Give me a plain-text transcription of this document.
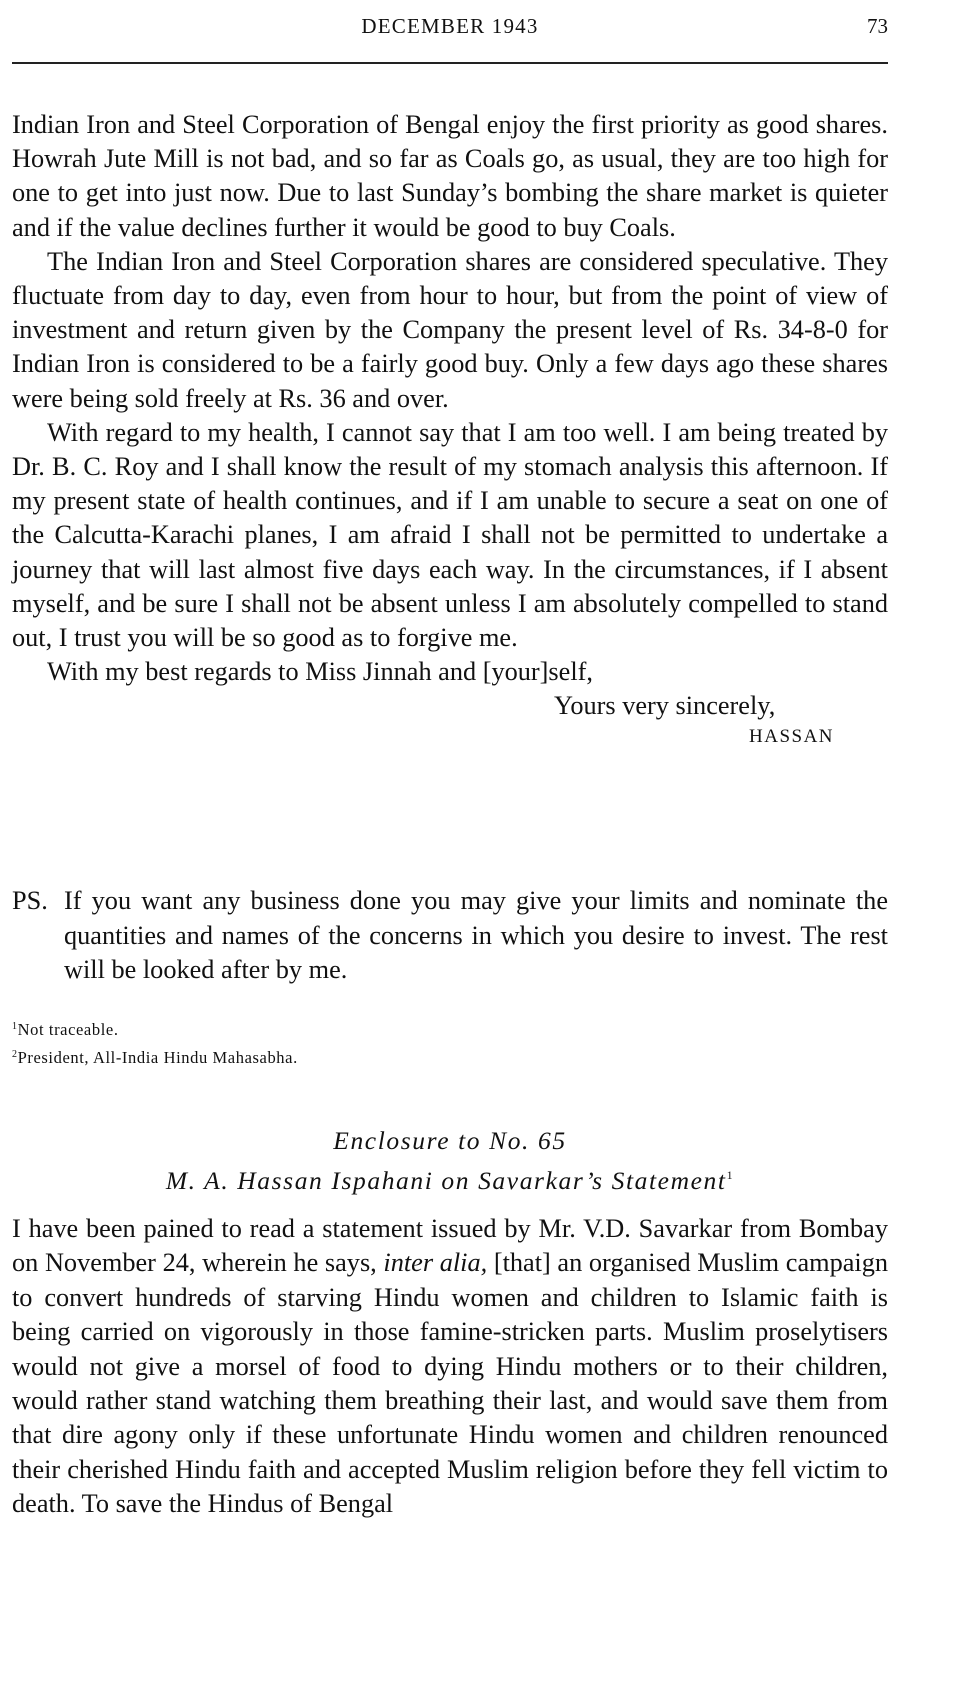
DECEMBER 1943	73

Indian Iron and Steel Corporation of Bengal enjoy the first priority as good shares. Howrah Jute Mill is not bad, and so far as Coals go, as usual, they are too high for one to get into just now. Due to last Sunday’s bombing the share market is quieter and if the value declines further it would be good to buy Coals.

The Indian Iron and Steel Corporation shares are considered speculative. They fluctuate from day to day, even from hour to hour, but from the point of view of investment and return given by the Company the present level of Rs. 34-8-0 for Indian Iron is considered to be a fairly good buy. Only a few days ago these shares were being sold freely at Rs. 36 and over.

With regard to my health, I cannot say that I am too well. I am being treated by Dr. B. C. Roy and I shall know the result of my stomach analysis this afternoon. If my present state of health continues, and if I am unable to secure a seat on one of the Calcutta-Karachi planes, I am afraid I shall not be permitted to undertake a journey that will last almost five days each way. In the circumstances, if I absent myself, and be sure I shall not be absent unless I am absolutely compelled to stand out, I trust you will be so good as to forgive me.

With my best regards to Miss Jinnah and [your]self,

Yours very sincerely,

HASSAN

PS. If you want any business done you may give your limits and nominate the quantities and names of the concerns in which you desire to invest. The rest will be looked after by me.
$^1$Not traceable.
$^2$President, All-India Hindu Mahasabha.
Enclosure to No. 65
M. A. Hassan Ispahani on Savarkar’s Statement$^1$
I have been pained to read a statement issued by Mr. V.D. Savarkar from Bombay on November 24, wherein he says, inter alia, [that] an organised Muslim campaign to convert hundreds of starving Hindu women and children to Islamic faith is being carried on vigorously in those famine-stricken parts. Muslim proselytisers would not give a morsel of food to dying Hindu mothers or to their children, would rather stand watching them breathing their last, and would save them from that dire agony only if these unfortunate Hindu women and children renounced their cherished Hindu faith and accepted Muslim religion before they fell victim to death. To save the Hindus of Bengal
